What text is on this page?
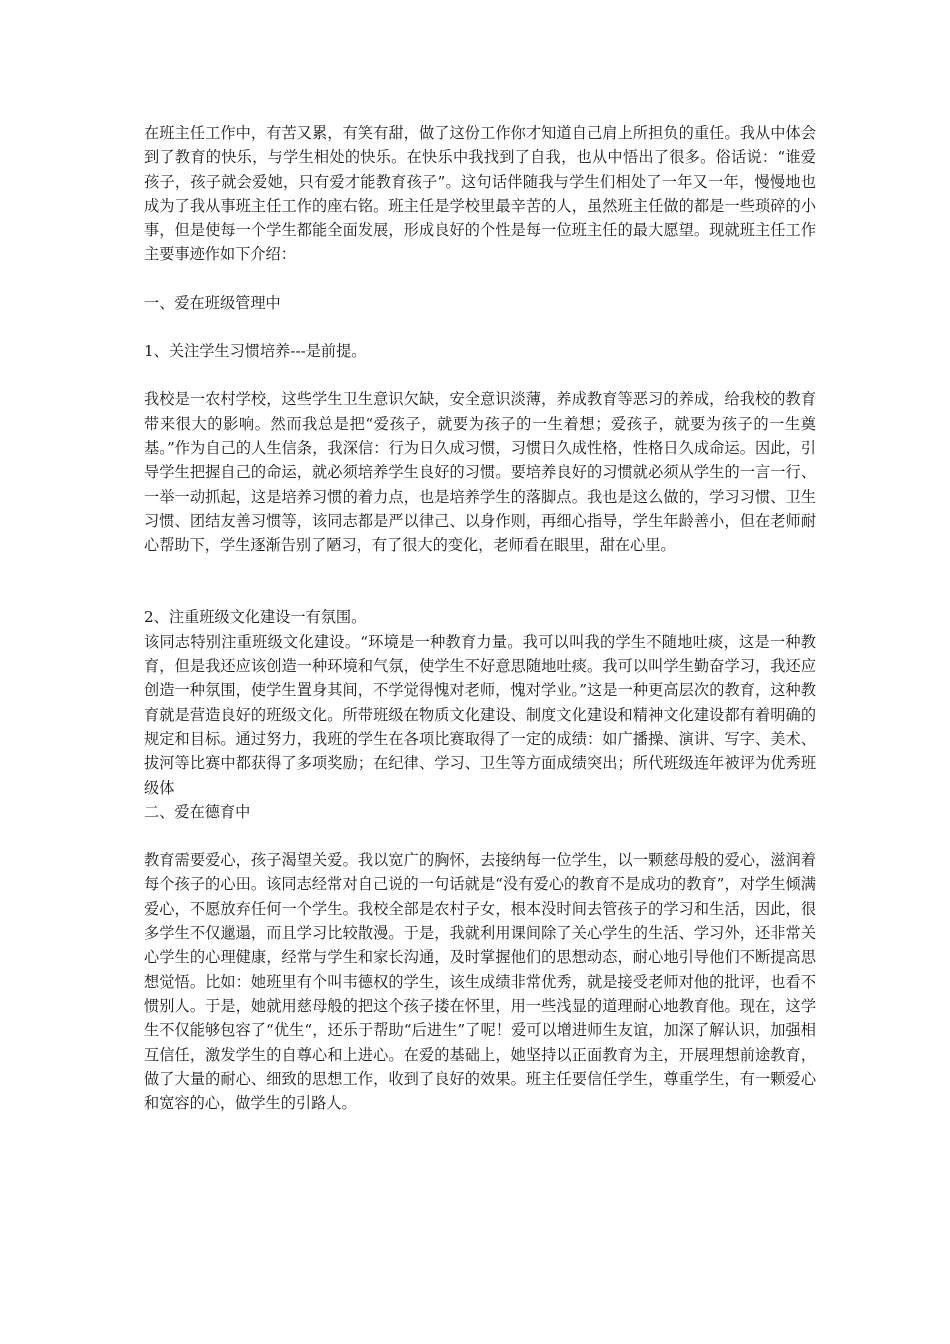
在班主任工作中，有苦又累，有笑有甜，做了这份工作你才知道自己肩上所担负的重任。我从中体会到了教育的快乐，与学生相处的快乐。在快乐中我找到了自我，也从中悟出了很多。俗话说：“谁爱孩子，孩子就会爱她，只有爱才能教育孩子”。这句话伴随我与学生们相处了一年又一年，慢慢地也成为了我从事班主任工作的座右铭。班主任是学校里最辛苦的人，虽然班主任做的都是一些琐碎的小事，但是使每一个学生都能全面发展，形成良好的个性是每一位班主任的最大愿望。现就班主任工作主要事迹作如下介绍：

一、爱在班级管理中

1、关注学生习惯培养---是前提。

我校是一农村学校，这些学生卫生意识欠缺，安全意识淡薄，养成教育等恶习的养成，给我校的教育带来很大的影响。然而我总是把“爱孩子，就要为孩子的一生着想；爱孩子，就要为孩子的一生奠基。”作为自己的人生信条，我深信：行为日久成习惯，习惯日久成性格，性格日久成命运。因此，引导学生把握自己的命运，就必须培养学生良好的习惯。要培养良好的习惯就必须从学生的一言一行、一举一动抓起，这是培养习惯的着力点，也是培养学生的落脚点。我也是这么做的，学习习惯、卫生习惯、团结友善习惯等，该同志都是严以律己、以身作则，再细心指导，学生年龄善小，但在老师耐心帮助下，学生逐渐告别了陋习，有了很大的变化，老师看在眼里，甜在心里。

2、注重班级文化建设一有氛围。

该同志特别注重班级文化建设。“环境是一种教育力量。我可以叫我的学生不随地吐痰，这是一种教育，但是我还应该创造一种环境和气氛，使学生不好意思随地吐痰。我可以叫学生勤奋学习，我还应创造一种氛围，使学生置身其间，不学觉得愧对老师，愧对学业。”这是一种更高层次的教育，这种教育就是营造良好的班级文化。所带班级在物质文化建设、制度文化建设和精神文化建设都有着明确的规定和目标。通过努力，我班的学生在各项比赛取得了一定的成绩：如广播操、演讲、写字、美术、拔河等比赛中都获得了多项奖励；在纪律、学习、卫生等方面成绩突出；所代班级连年被评为优秀班级体

二、爱在德育中

教育需要爱心，孩子渴望关爱。我以宽广的胸怀，去接纳每一位学生，以一颗慈母般的爱心，滋润着每个孩子的心田。该同志经常对自己说的一句话就是“没有爱心的教育不是成功的教育”，对学生倾满爱心，不愿放弃任何一个学生。我校全部是农村子女，根本没时间去管孩子的学习和生活，因此，很多学生不仅邋遢，而且学习比较散漫。于是，我就利用课间除了关心学生的生活、学习外，还非常关心学生的心理健康，经常与学生和家长沟通，及时掌握他们的思想动态，耐心地引导他们不断提高思想觉悟。比如：她班里有个叫韦德权的学生，该生成绩非常优秀，就是接受老师对他的批评，也看不惯别人。于是，她就用慈母般的把这个孩子搂在怀里，用一些浅显的道理耐心地教育他。现在，这学生不仅能够包容了“优生“，还乐于帮助“后进生”了呢！爱可以增进师生友谊，加深了解认识，加强相互信任，激发学生的自尊心和上进心。在爱的基础上，她坚持以正面教育为主，开展理想前途教育，做了大量的耐心、细致的思想工作，收到了良好的效果。班主任要信任学生，尊重学生，有一颗爱心和宽容的心，做学生的引路人。
